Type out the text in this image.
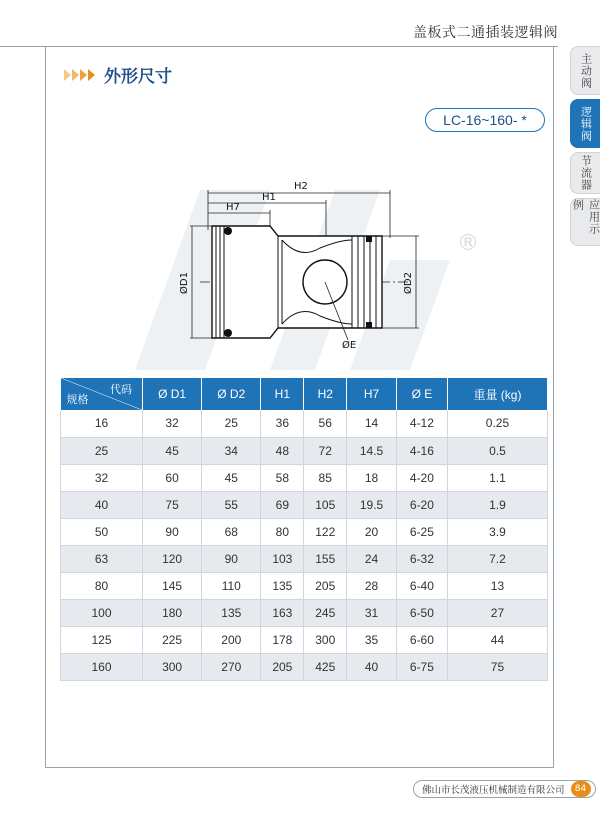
盖板式二通插装逻辑阀
主动阀
逻辑阀
节流器
应用示例
外形尺寸
LC-16~160- *
®
H2
H1
H7
ØE
ØD1	ØD2
代码
规格	Ø D1	Ø D2	H1	H2	H7	Ø E	重量 (kg)
16	32	25	36	56	14	4-12	0.25
25	45	34	48	72	14.5	4-16	0.5
32	60	45	58	85	18	4-20	1.1
40	75	55	69	105	19.5	6-20	1.9
50	90	68	80	122	20	6-25	3.9
63	120	90	103	155	24	6-32	7.2
80	145	110	135	205	28	6-40	13
100	180	135	163	245	31	6-50	27
125	225	200	178	300	35	6-60	44
160	300	270	205	425	40	6-75	75
佛山市长茂液压机械制造有限公司	84
